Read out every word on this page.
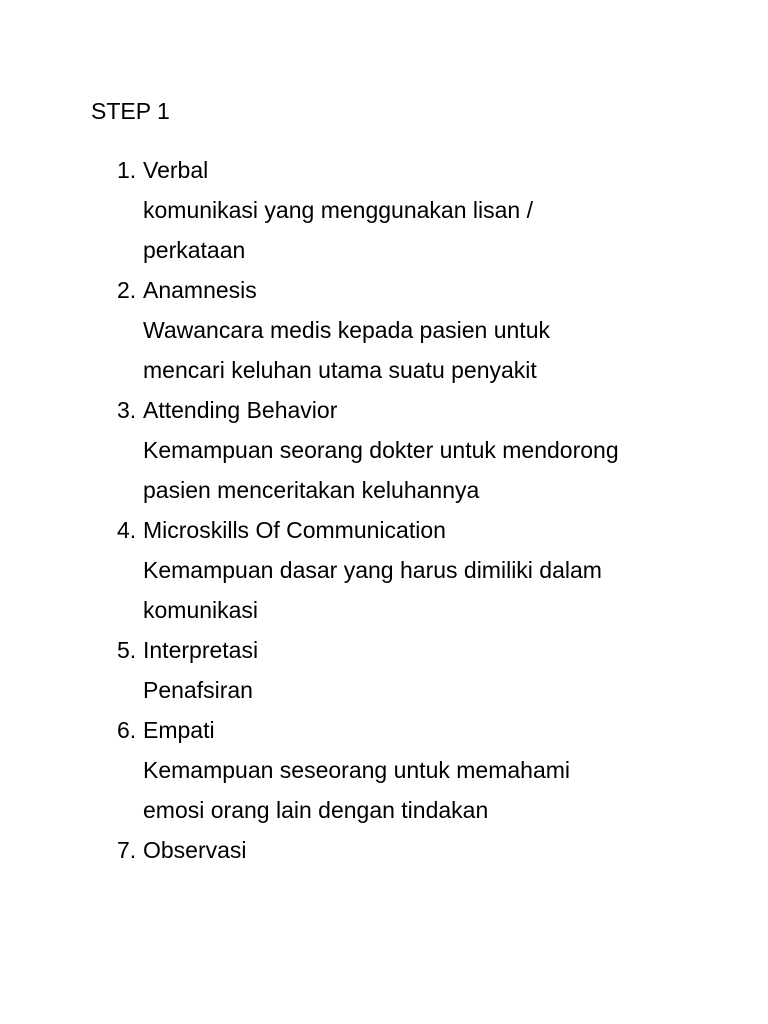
STEP 1
1. Verbal
komunikasi yang menggunakan lisan /
perkataan
2. Anamnesis
Wawancara medis kepada pasien untuk
mencari keluhan utama suatu penyakit
3. Attending Behavior
Kemampuan seorang dokter untuk mendorong
pasien menceritakan keluhannya
4. Microskills Of Communication
Kemampuan dasar yang harus dimiliki dalam
komunikasi
5. Interpretasi
Penafsiran
6. Empati
Kemampuan seseorang untuk memahami
emosi orang lain dengan tindakan
7. Observasi
